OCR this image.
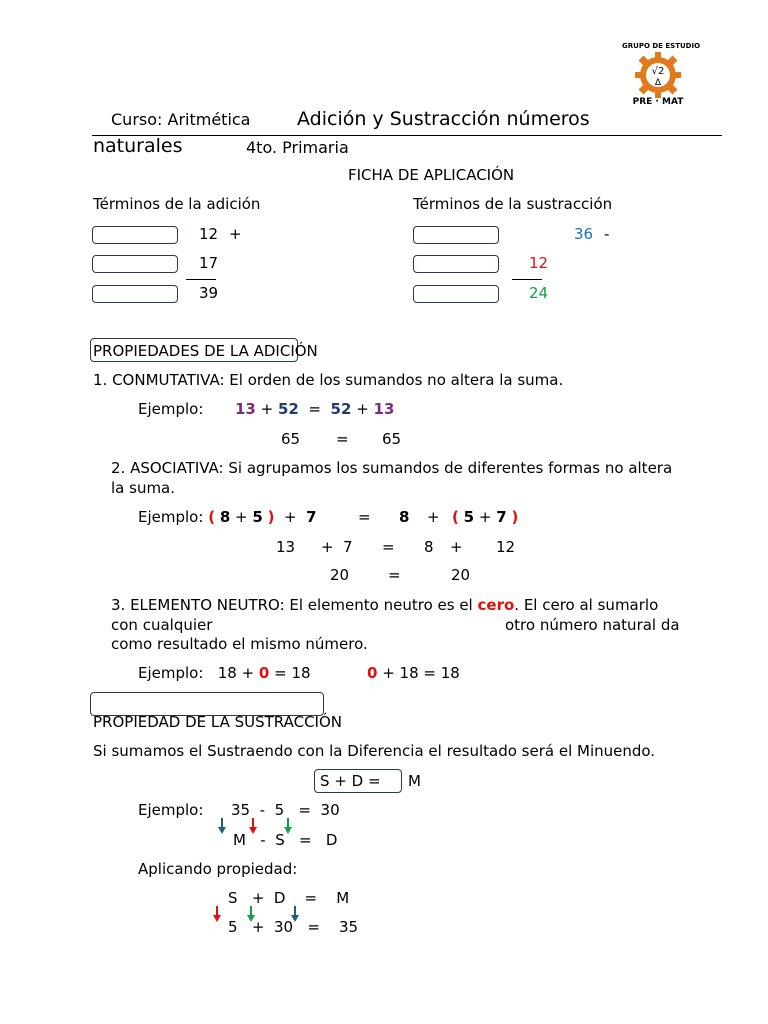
GRUPO DE ESTUDIO
√2
Δ
PRE · MAT
Curso: Aritmética Adición y Sustracción números
naturales	4to. Primaria
FICHA DE APLICACIÓN
Términos de la adición
12 +
17
39
Términos de la sustracción
36 -
12
24
PROPIEDADES DE LA ADICIÓN
1. CONMUTATIVA: El orden de los sumandos no altera la suma.
Ejemplo: 13 + 52 = 52 + 13
65 = 65
2. ASOCIATIVA: Si agrupamos los sumandos de diferentes formas no altera
la suma.
Ejemplo: ( 8 + 5 ) + 7	= 8 + ( 5 + 7 )
13 + 7 = 8 + 12
20	=	20
3. ELEMENTO NEUTRO: El elemento neutro es el cero. El cero al sumarlo
con cualquier	otro número natural da
como resultado el mismo número.
Ejemplo: 18 + 0 = 18	0 + 18 = 18
PROPIEDAD DE LA SUSTRACCIÓN
Si sumamos el Sustraendo con la Diferencia el resultado será el Minuendo.
S + D = M
Ejemplo: 35  -  5   =  30
M   -  S   =   D
Aplicando propiedad:
S   +  D    =    M
5   +  30   =    35
